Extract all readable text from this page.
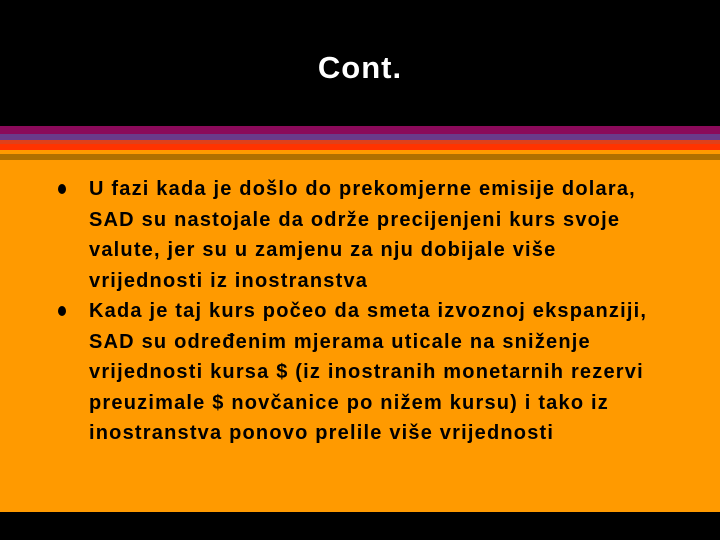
Cont.
U fazi kada je došlo do prekomjerne emisije dolara, SAD su nastojale da održe precijenjeni kurs svoje valute, jer su u zamjenu za nju dobijale više vrijednosti iz inostranstva
Kada je taj kurs počeo da smeta izvoznoj ekspanziji, SAD su određenim mjerama uticale na sniženje vrijednosti kursa $ (iz inostranih monetarnih rezervi preuzimale $ novčanice po nižem kursu) i tako iz inostranstva ponovo prelile više vrijednosti
